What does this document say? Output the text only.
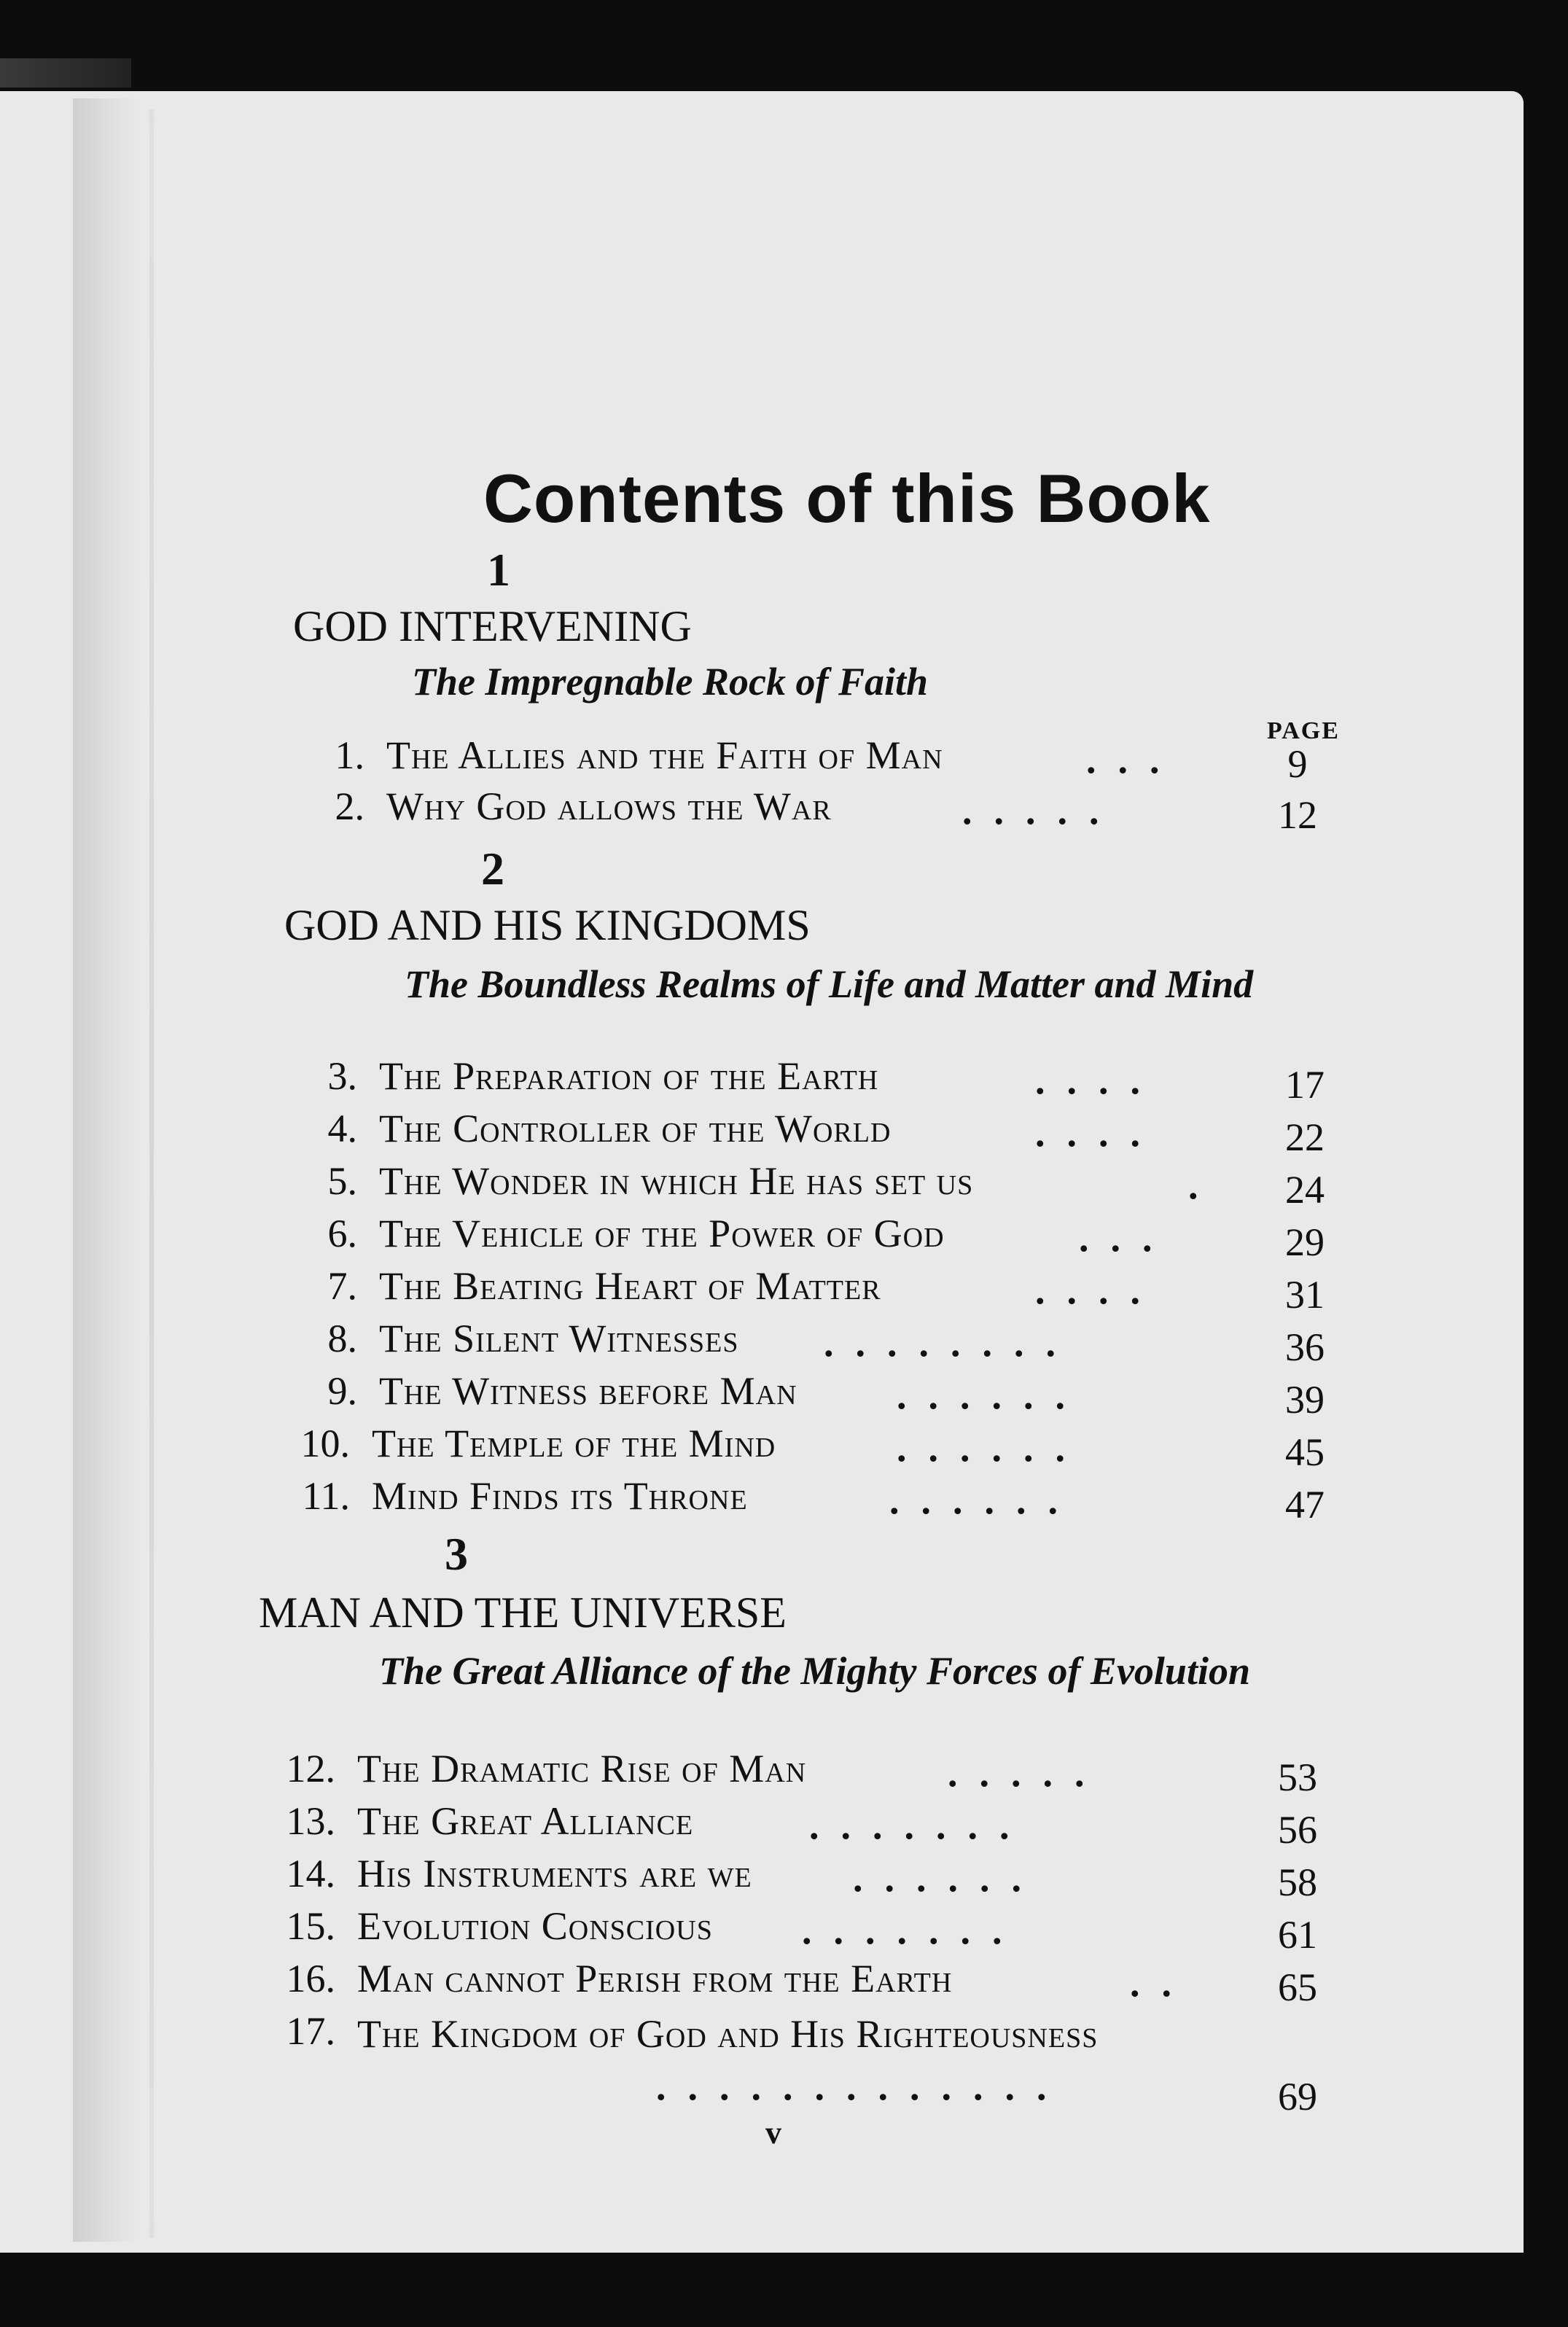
Contents of this Book
1
GOD INTERVENING
The Impregnable Rock of Faith
PAGE
1. The Allies and the Faith of Man	...	9
2. Why God allows the War	.....	12
2
GOD AND HIS KINGDOMS
The Boundless Realms of Life and Matter and Mind
3. The Preparation of the Earth	....	17
4. The Controller of the World	....	22
5. The Wonder in which He has set us	.	24
6. The Vehicle of the Power of God	...	29
7. The Beating Heart of Matter	....	31
8. The Silent Witnesses ........	36
9. The Witness before Man	......	39
10. The Temple of the Mind	......	45
11. Mind Finds its Throne	......	47
3
MAN AND THE UNIVERSE
The Great Alliance of the Mighty Forces of Evolution
12. The Dramatic Rise of Man	.....	53
13. The Great Alliance	.......	56
14. His Instruments are we	......	58
15. Evolution Conscious .......	61
16. Man cannot Perish from the Earth	..	65
17. The Kingdom of God and His Righteousness
.............	69
v
